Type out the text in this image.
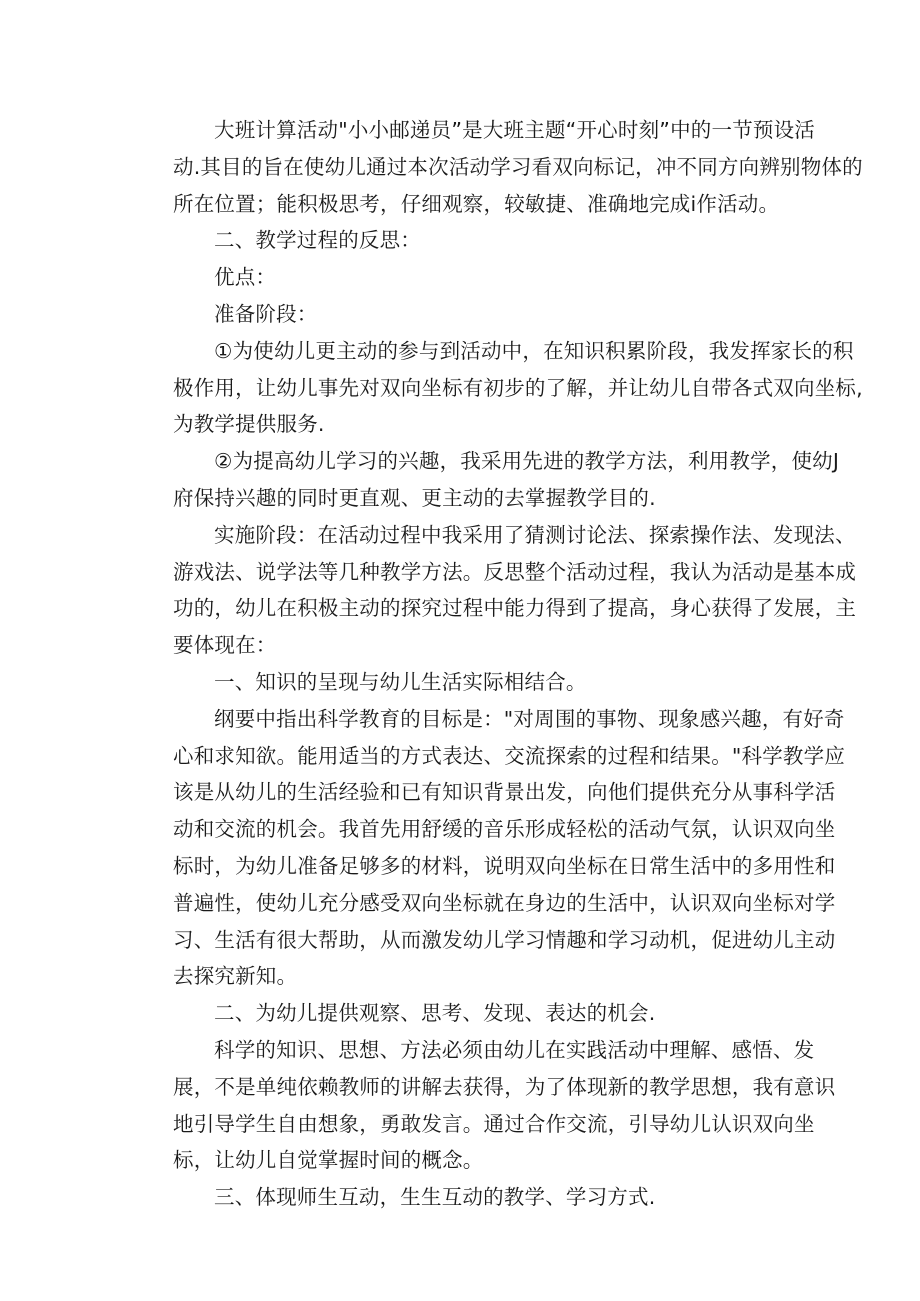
大班计算活动"小小邮递员”是大班主题“开心时刻”中的一节预设活
动.其目的旨在使幼儿通过本次活动学习看双向标记，冲不同方向辨别物体的
所在位置；能积极思考，仔细观察，较敏捷、准确地完成i作活动。

二、教学过程的反思：

优点：

准备阶段：

①为使幼儿更主动的参与到活动中，在知识积累阶段，我发挥家长的积
极作用，让幼儿事先对双向坐标有初步的了解，并让幼儿自带各式双向坐标,
为教学提供服务.

②为提高幼儿学习的兴趣，我采用先进的教学方法，利用教学，使幼J
府保持兴趣的同时更直观、更主动的去掌握教学目的.

实施阶段：在活动过程中我采用了猜测讨论法、探索操作法、发现法、
游戏法、说学法等几种教学方法。反思整个活动过程，我认为活动是基本成
功的，幼儿在积极主动的探究过程中能力得到了提高，身心获得了发展，主
要体现在：

一、知识的呈现与幼儿生活实际相结合。

纲要中指出科学教育的目标是："对周围的事物、现象感兴趣，有好奇
心和求知欲。能用适当的方式表达、交流探索的过程和结果。"科学教学应
该是从幼儿的生活经验和已有知识背景出发，向他们提供充分从事科学活
动和交流的机会。我首先用舒缓的音乐形成轻松的活动气氛，认识双向坐
标时，为幼儿准备足够多的材料，说明双向坐标在日常生活中的多用性和
普遍性，使幼儿充分感受双向坐标就在身边的生活中，认识双向坐标对学
习、生活有很大帮助，从而激发幼儿学习情趣和学习动机，促进幼儿主动
去探究新知。

二、为幼儿提供观察、思考、发现、表达的机会.

科学的知识、思想、方法必须由幼儿在实践活动中理解、感悟、发
展，不是单纯依赖教师的讲解去获得，为了体现新的教学思想，我有意识
地引导学生自由想象，勇敢发言。通过合作交流，引导幼儿认识双向坐
标，让幼儿自觉掌握时间的概念。

三、体现师生互动，生生互动的教学、学习方式.
